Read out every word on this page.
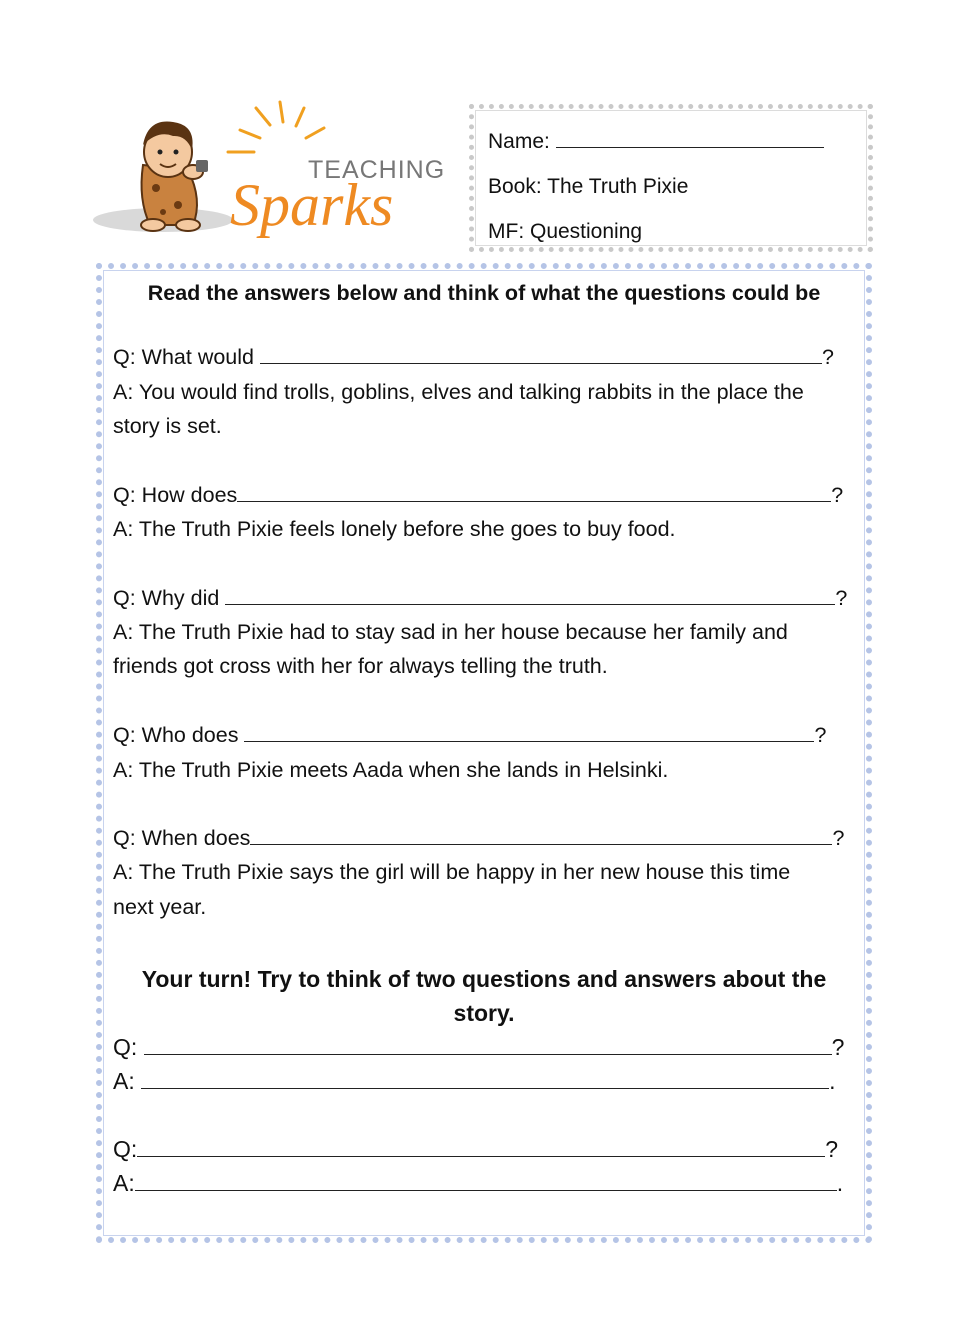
TEACHING
Sparks
Name:
Book: The Truth Pixie
MF: Questioning
Read the answers below and think of what the questions could be
Q: What would	?
A: You would find trolls, goblins, elves and talking rabbits in the place the
story is set.
Q: How does	?
A: The Truth Pixie feels lonely before she goes to buy food.
Q: Why did	?
A: The Truth Pixie had to stay sad in her house because her family and
friends got cross with her for always telling the truth.
Q: Who does	?
A: The Truth Pixie meets Aada when she lands in Helsinki.
Q: When does	?
A: The Truth Pixie says the girl will be happy in her new house this time
next year.
Your turn! Try to think of two questions and answers about the
story.
Q:	?
A:	.
Q:	?
A:	.
